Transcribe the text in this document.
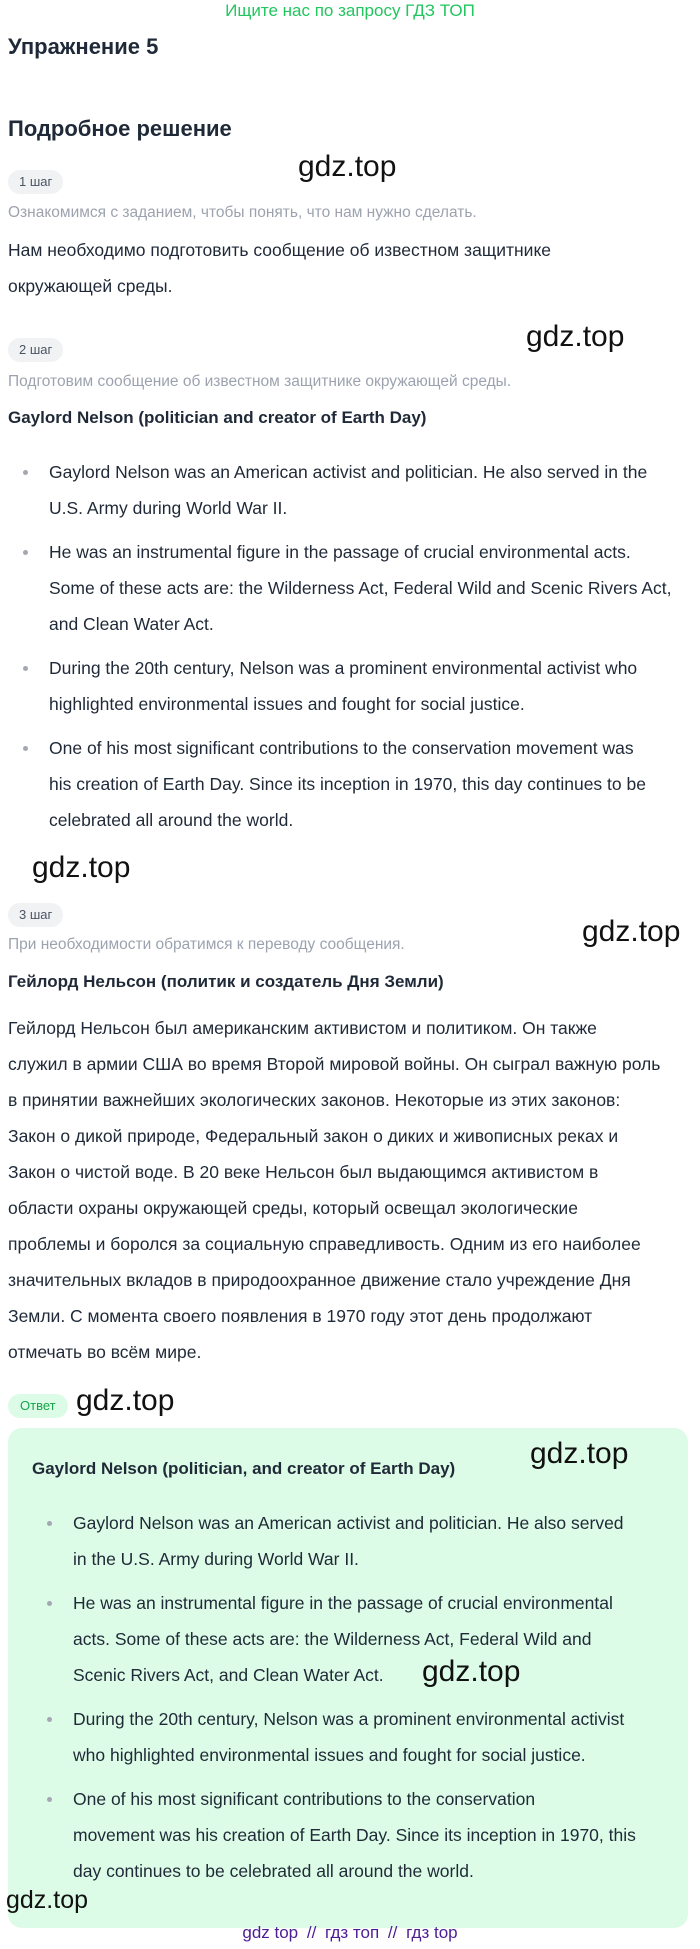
Ищите нас по запросу ГДЗ ТОП
Упражнение 5
Подробное решение
1 шаг
Ознакомимся с заданием, чтобы понять, что нам нужно сделать.
Нам необходимо подготовить сообщение об известном защитнике
окружающей среды.
2 шаг
Подготовим сообщение об известном защитнике окружающей среды.
Gaylord Nelson (politician and creator of Earth Day)
Gaylord Nelson was an American activist and politician. He also served in the
U.S. Army during World War II.
He was an instrumental figure in the passage of crucial environmental acts.
Some of these acts are: the Wilderness Act, Federal Wild and Scenic Rivers Act,
and Clean Water Act.
During the 20th century, Nelson was a prominent environmental activist who
highlighted environmental issues and fought for social justice.
One of his most significant contributions to the conservation movement was
his creation of Earth Day. Since its inception in 1970, this day continues to be
celebrated all around the world.
3 шаг
При необходимости обратимся к переводу сообщения.
Гейлорд Нельсон (политик и создатель Дня Земли)
Гейлорд Нельсон был американским активистом и политиком. Он также
служил в армии США во время Второй мировой войны. Он сыграл важную роль
в принятии важнейших экологических законов. Некоторые из этих законов:
Закон о дикой природе, Федеральный закон о диких и живописных реках и
Закон о чистой воде. В 20 веке Нельсон был выдающимся активистом в
области охраны окружающей среды, который освещал экологические
проблемы и боролся за социальную справедливость. Одним из его наиболее
значительных вкладов в природоохранное движение стало учреждение Дня
Земли. С момента своего появления в 1970 году этот день продолжают
отмечать во всём мире.
Ответ
Gaylord Nelson (politician, and creator of Earth Day)
Gaylord Nelson was an American activist and politician. He also served
in the U.S. Army during World War II.
He was an instrumental figure in the passage of crucial environmental
acts. Some of these acts are: the Wilderness Act, Federal Wild and
Scenic Rivers Act, and Clean Water Act.
During the 20th century, Nelson was a prominent environmental activist
who highlighted environmental issues and fought for social justice.
One of his most significant contributions to the conservation
movement was his creation of Earth Day. Since its inception in 1970, this
day continues to be celebrated all around the world.
gdz.top
gdz.top
gdz.top
gdz.top
gdz.top
gdz.top
gdz.top
gdz.top
gdz top // гдз топ // гдз top
